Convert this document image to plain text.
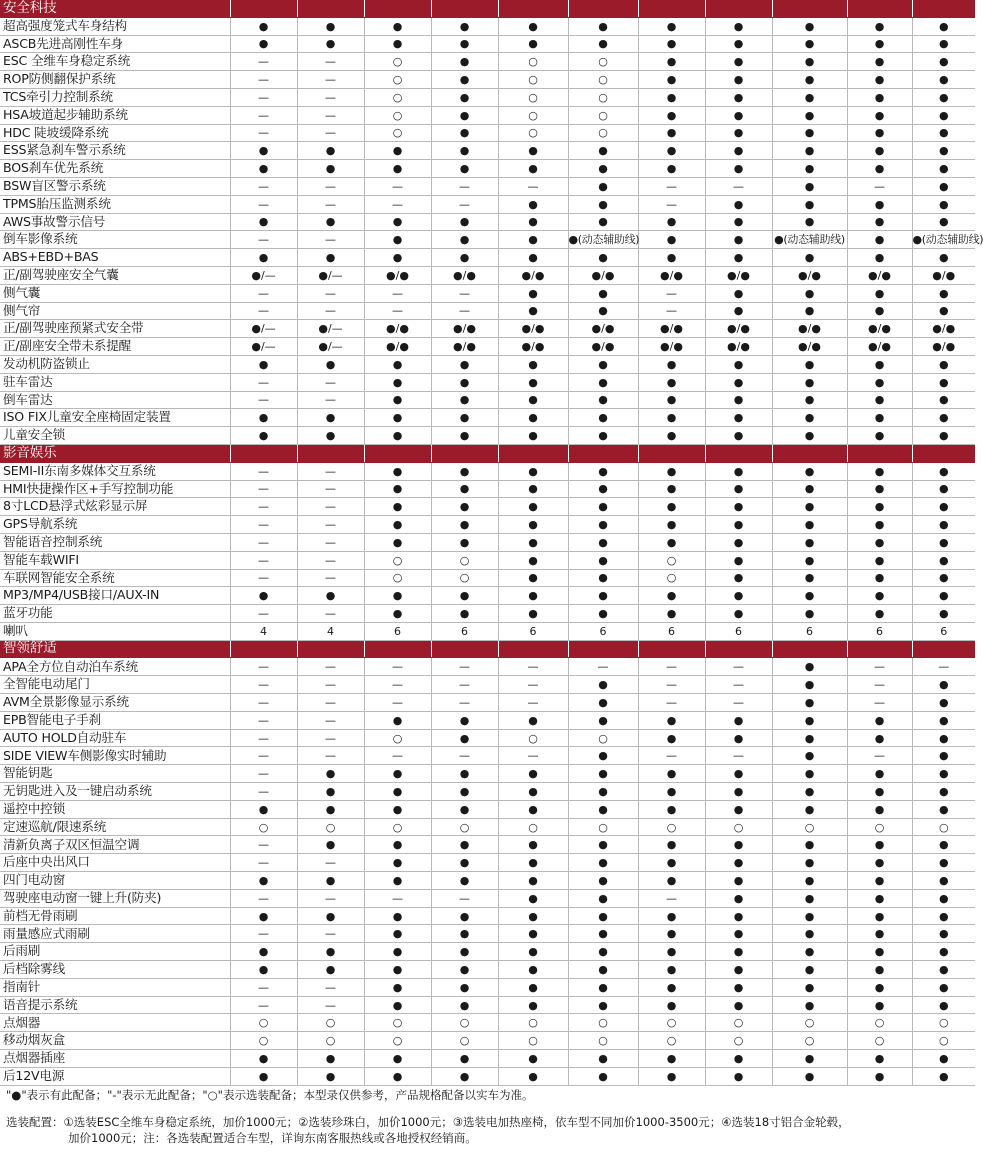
安全科技											
超高强度笼式车身结构	●	●	●	●	●	●	●	●	●	●	●
ASCB先进高刚性车身	●	●	●	●	●	●	●	●	●	●	●
ESC 全维车身稳定系统	—	—	○	●	○	○	●	●	●	●	●
ROP防侧翻保护系统	—	—	○	●	○	○	●	●	●	●	●
TCS牵引力控制系统	—	—	○	●	○	○	●	●	●	●	●
HSA坡道起步辅助系统	—	—	○	●	○	○	●	●	●	●	●
HDC 陡坡缓降系统	—	—	○	●	○	○	●	●	●	●	●
ESS紧急刹车警示系统	●	●	●	●	●	●	●	●	●	●	●
BOS刹车优先系统	●	●	●	●	●	●	●	●	●	●	●
BSW盲区警示系统	—	—	—	—	—	●	—	—	●	—	●
TPMS胎压监测系统	—	—	—	—	●	●	—	●	●	●	●
AWS事故警示信号	●	●	●	●	●	●	●	●	●	●	●
倒车影像系统	—	—	●	●	●	●(动态辅助线)	●	●	●(动态辅助线)	●	●(动态辅助线)
ABS+EBD+BAS	●	●	●	●	●	●	●	●	●	●	●
正/副驾驶座安全气囊	●/—	●/—	●/●	●/●	●/●	●/●	●/●	●/●	●/●	●/●	●/●
侧气囊	—	—	—	—	●	●	—	●	●	●	●
侧气帘	—	—	—	—	●	●	—	●	●	●	●
正/副驾驶座预紧式安全带	●/—	●/—	●/●	●/●	●/●	●/●	●/●	●/●	●/●	●/●	●/●
正/副座安全带未系提醒	●/—	●/—	●/●	●/●	●/●	●/●	●/●	●/●	●/●	●/●	●/●
发动机防盗锁止	●	●	●	●	●	●	●	●	●	●	●
驻车雷达	—	—	●	●	●	●	●	●	●	●	●
倒车雷达	—	—	●	●	●	●	●	●	●	●	●
ISO FIX儿童安全座椅固定装置	●	●	●	●	●	●	●	●	●	●	●
儿童安全锁	●	●	●	●	●	●	●	●	●	●	●
影音娱乐											
SEMI-II东南多媒体交互系统	—	—	●	●	●	●	●	●	●	●	●
HMI快捷操作区+手写控制功能	—	—	●	●	●	●	●	●	●	●	●
8寸LCD悬浮式炫彩显示屏	—	—	●	●	●	●	●	●	●	●	●
GPS导航系统	—	—	●	●	●	●	●	●	●	●	●
智能语音控制系统	—	—	●	●	●	●	●	●	●	●	●
智能车载WIFI	—	—	○	○	●	●	○	●	●	●	●
车联网智能安全系统	—	—	○	○	●	●	○	●	●	●	●
MP3/MP4/USB接口/AUX-IN	●	●	●	●	●	●	●	●	●	●	●
蓝牙功能	—	—	●	●	●	●	●	●	●	●	●
喇叭	4	4	6	6	6	6	6	6	6	6	6
智领舒适											
APA全方位自动泊车系统	—	—	—	—	—	—	—	—	●	—	—
全智能电动尾门	—	—	—	—	—	●	—	—	●	—	●
AVM全景影像显示系统	—	—	—	—	—	●	—	—	●	—	●
EPB智能电子手刹	—	—	●	●	●	●	●	●	●	●	●
AUTO HOLD自动驻车	—	—	○	●	○	○	●	●	●	●	●
SIDE VIEW车侧影像实时辅助	—	—	—	—	—	●	—	—	●	—	●
智能钥匙	—	●	●	●	●	●	●	●	●	●	●
无钥匙进入及一键启动系统	—	●	●	●	●	●	●	●	●	●	●
遥控中控锁	●	●	●	●	●	●	●	●	●	●	●
定速巡航/限速系统	○	○	○	○	○	○	○	○	○	○	○
清新负离子双区恒温空调	—	●	●	●	●	●	●	●	●	●	●
后座中央出风口	—	—	●	●	●	●	●	●	●	●	●
四门电动窗	●	●	●	●	●	●	●	●	●	●	●
驾驶座电动窗一键上升(防夹)	—	—	—	—	●	●	—	●	●	●	●
前档无骨雨刷	●	●	●	●	●	●	●	●	●	●	●
雨量感应式雨刷	—	—	●	●	●	●	●	●	●	●	●
后雨刷	●	●	●	●	●	●	●	●	●	●	●
后档除雾线	●	●	●	●	●	●	●	●	●	●	●
指南针	—	—	●	●	●	●	●	●	●	●	●
语音提示系统	—	—	●	●	●	●	●	●	●	●	●
点烟器	○	○	○	○	○	○	○	○	○	○	○
移动烟灰盒	○	○	○	○	○	○	○	○	○	○	○
点烟器插座	●	●	●	●	●	●	●	●	●	●	●
后12V电源	●	●	●	●	●	●	●	●	●	●	●
"●"表示有此配备；"-"表示无此配备；"○"表示选装配备；本型录仅供参考，产品规格配备以实车为准。
选装配置：①选装ESC全维车身稳定系统，加价1000元；②选装珍珠白，加价1000元；③选装电加热座椅，依车型不同加价1000-3500元；④选装18寸铝合金轮毂，
加价1000元；注：各选装配置适合车型，详询东南客服热线或各地授权经销商。
